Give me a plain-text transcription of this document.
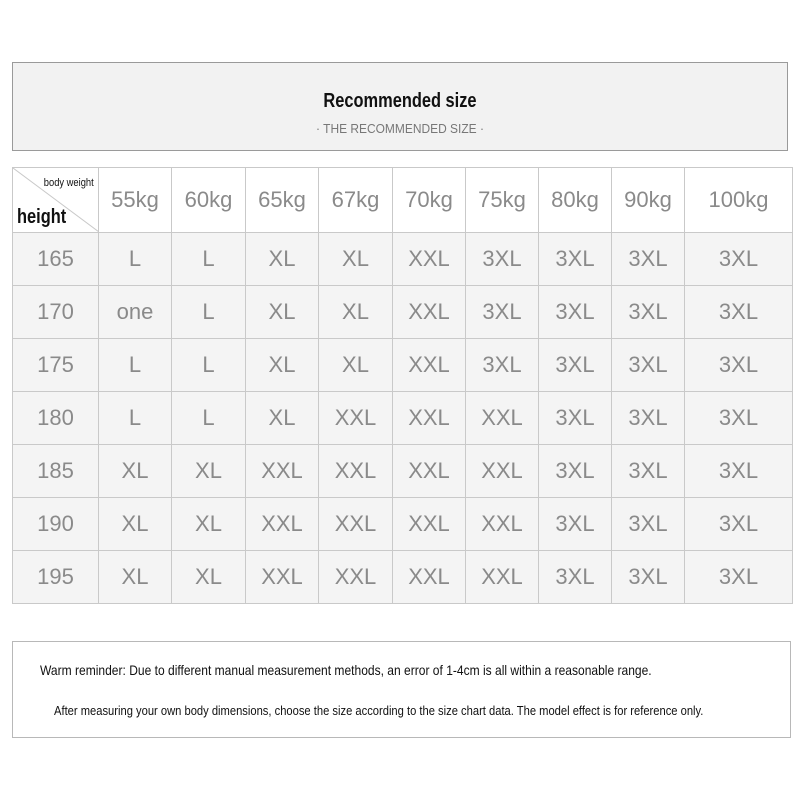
Recommended size
· THE RECOMMENDED SIZE ·
body weight
height	55kg	60kg	65kg	67kg	70kg	75kg	80kg	90kg	100kg
165	L	L	XL	XL	XXL	3XL	3XL	3XL	3XL
170	one	L	XL	XL	XXL	3XL	3XL	3XL	3XL
175	L	L	XL	XL	XXL	3XL	3XL	3XL	3XL
180	L	L	XL	XXL	XXL	XXL	3XL	3XL	3XL
185	XL	XL	XXL	XXL	XXL	XXL	3XL	3XL	3XL
190	XL	XL	XXL	XXL	XXL	XXL	3XL	3XL	3XL
195	XL	XL	XXL	XXL	XXL	XXL	3XL	3XL	3XL
Warm reminder: Due to different manual measurement methods, an error of 1-4cm is all within a reasonable range.
After measuring your own body dimensions, choose the size according to the size chart data. The model effect is for reference only.
